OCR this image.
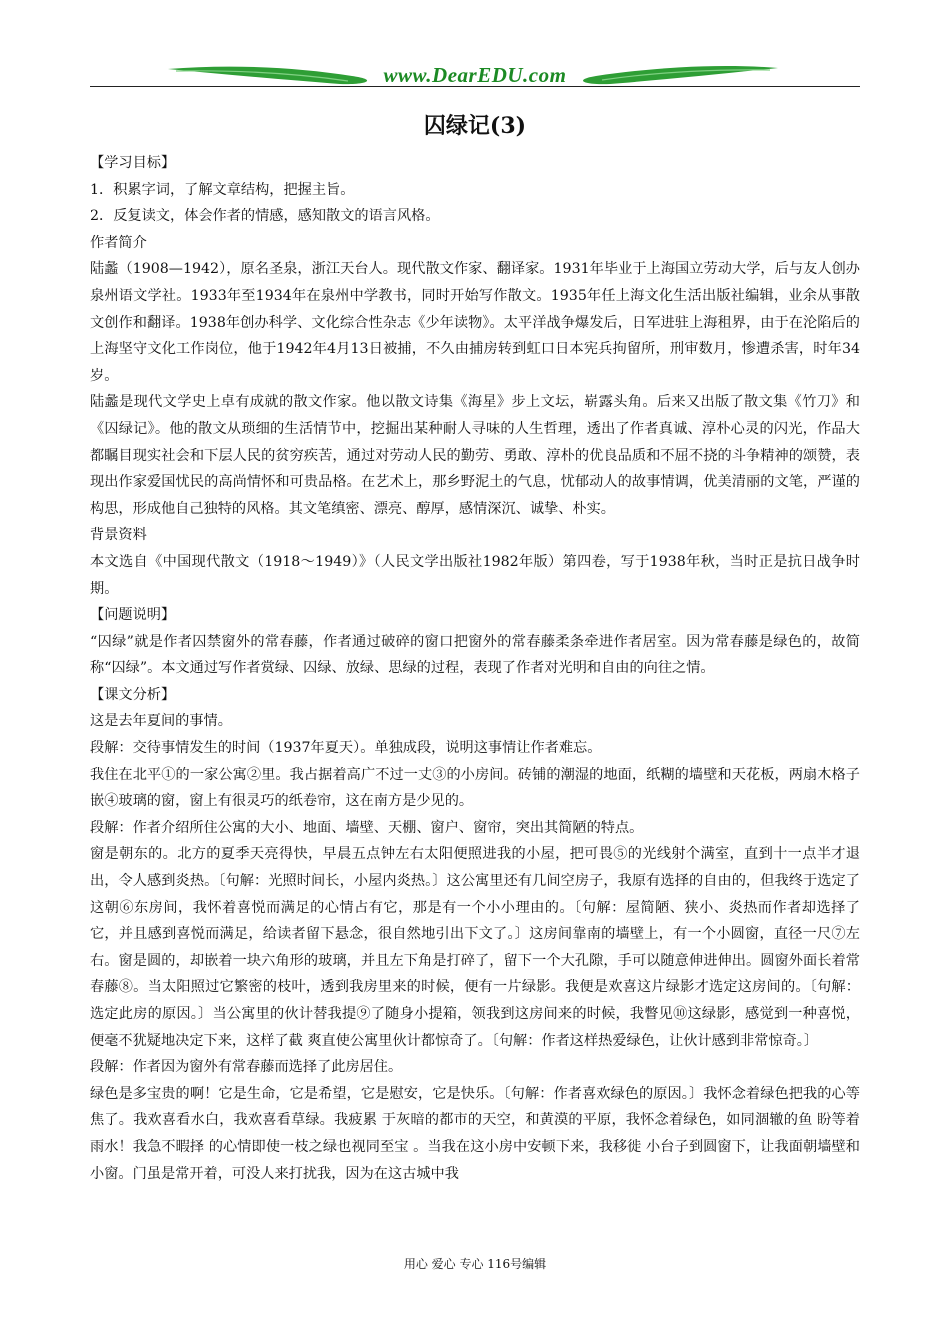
www.DearEDU.com
囚绿记(3)

【学习目标】

1．积累字词，了解文章结构，把握主旨。

2．反复读文，体会作者的情感，感知散文的语言风格。

作者简介

陆蠡（1908—1942），原名圣泉，浙江天台人。现代散文作家、翻译家。1931年毕业于上海国立劳动大学，后与友人创办泉州语文学社。1933年至1934年在泉州中学教书，同时开始写作散文。1935年任上海文化生活出版社编辑，业余从事散文创作和翻译。1938年创办科学、文化综合性杂志《少年读物》。太平洋战争爆发后，日军进驻上海租界，由于在沦陷后的上海坚守文化工作岗位，他于1942年4月13日被捕，不久由捕房转到虹口日本宪兵拘留所，刑审数月，惨遭杀害，时年34岁。

陆蠡是现代文学史上卓有成就的散文作家。他以散文诗集《海星》步上文坛，崭露头角。后来又出版了散文集《竹刀》和《囚绿记》。他的散文从琐细的生活情节中，挖掘出某种耐人寻味的人生哲理，透出了作者真诚、淳朴心灵的闪光，作品大都瞩目现实社会和下层人民的贫穷疾苦，通过对劳动人民的勤劳、勇敢、淳朴的优良品质和不屈不挠的斗争精神的颂赞，表现出作家爱国忧民的高尚情怀和可贵品格。在艺术上，那乡野泥土的气息，忧郁动人的故事情调，优美清丽的文笔，严谨的构思，形成他自己独特的风格。其文笔缜密、漂亮、醇厚，感情深沉、诚挚、朴实。

背景资料

本文选自《中国现代散文（1918～1949）》（人民文学出版社1982年版）第四卷，写于1938年秋，当时正是抗日战争时期。

【问题说明】

“囚绿”就是作者囚禁窗外的常春藤，作者通过破碎的窗口把窗外的常春藤柔条牵进作者居室。因为常春藤是绿色的，故简称“囚绿”。本文通过写作者赏绿、囚绿、放绿、思绿的过程，表现了作者对光明和自由的向往之情。

【课文分析】

这是去年夏间的事情。

段解：交待事情发生的时间（1937年夏天）。单独成段，说明这事情让作者难忘。

我住在北平①的一家公寓②里。我占据着高广不过一丈③的小房间。砖铺的潮湿的地面，纸糊的墙壁和天花板，两扇木格子嵌④玻璃的窗，窗上有很灵巧的纸卷帘，这在南方是少见的。

段解：作者介绍所住公寓的大小、地面、墙壁、天棚、窗户、窗帘，突出其简陋的特点。

窗是朝东的。北方的夏季天亮得快，早晨五点钟左右太阳便照进我的小屋，把可畏⑤的光线射个满室，直到十一点半才退出，令人感到炎热。〔句解：光照时间长，小屋内炎热。〕这公寓里还有几间空房子，我原有选择的自由的，但我终于选定了这朝⑥东房间，我怀着喜悦而满足的心情占有它，那是有一个小小理由的。〔句解：屋简陋、狭小、炎热而作者却选择了它，并且感到喜悦而满足，给读者留下悬念，很自然地引出下文了。〕这房间靠南的墙壁上，有一个小圆窗，直径一尺⑦左右。窗是圆的，却嵌着一块六角形的玻璃，并且左下角是打碎了，留下一个大孔隙，手可以随意伸进伸出。圆窗外面长着常春藤⑧。当太阳照过它繁密的枝叶，透到我房里来的时候，便有一片绿影。我便是欢喜这片绿影才选定这房间的。〔句解：选定此房的原因。〕当公寓里的伙计替我提⑨了随身小提箱，领我到这房间来的时候，我瞥见⑩这绿影，感觉到一种喜悦，便毫不犹疑地决定下来，这样了截 爽直使公寓里伙计都惊奇了。〔句解：作者这样热爱绿色，让伙计感到非常惊奇。〕

段解：作者因为窗外有常春藤而选择了此房居住。

绿色是多宝贵的啊！它是生命，它是希望，它是慰安，它是快乐。〔句解：作者喜欢绿色的原因。〕我怀念着绿色把我的心等焦了。我欢喜看水白，我欢喜看草绿。我疲累 于灰暗的都市的天空，和黄漠的平原，我怀念着绿色，如同涸辙的鱼 盼等着雨水！我急不暇择 的心情即使一枝之绿也视同至宝 。当我在这小房中安顿下来，我移徙 小台子到圆窗下，让我面朝墙壁和小窗。门虽是常开着，可没人来打扰我，因为在这古城中我

用心 爱心 专心 116号编辑
